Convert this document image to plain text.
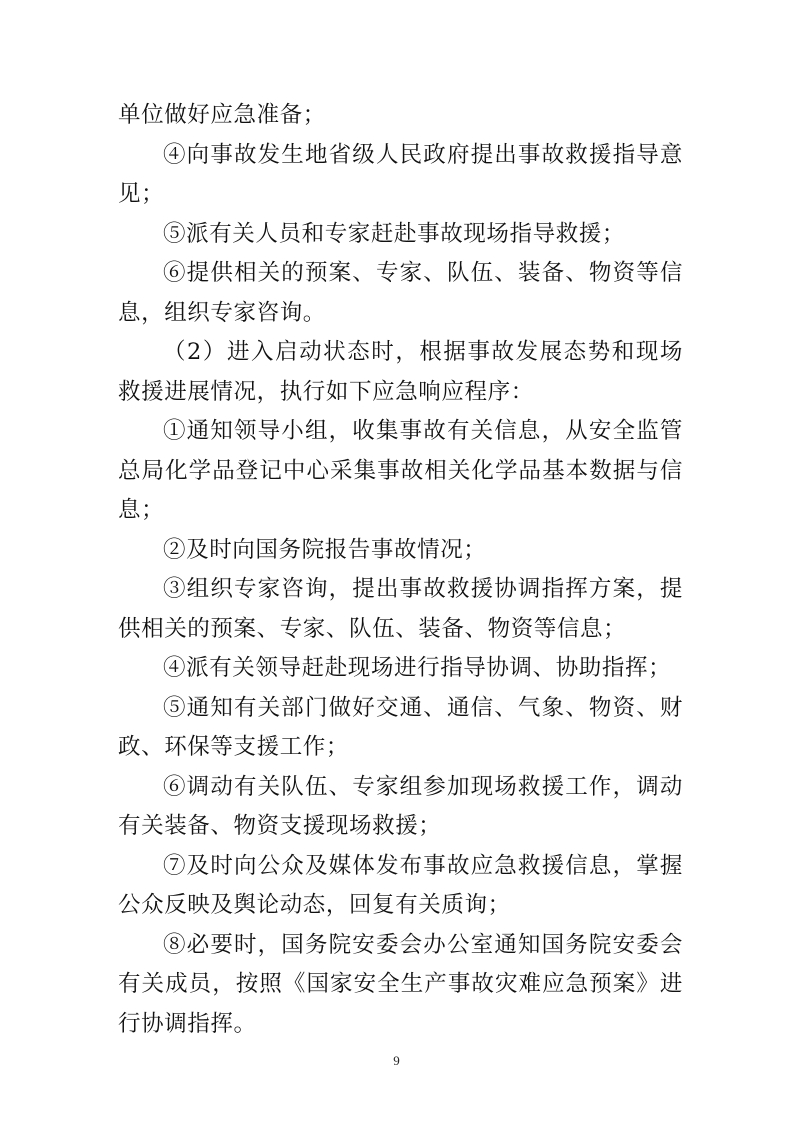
单位做好应急准备；

④向事故发生地省级人民政府提出事故救援指导意见；

⑤派有关人员和专家赶赴事故现场指导救援；

⑥提供相关的预案、专家、队伍、装备、物资等信息，组织专家咨询。

（2）进入启动状态时，根据事故发展态势和现场救援进展情况，执行如下应急响应程序：

①通知领导小组，收集事故有关信息，从安全监管总局化学品登记中心采集事故相关化学品基本数据与信息；

②及时向国务院报告事故情况；

③组织专家咨询，提出事故救援协调指挥方案，提供相关的预案、专家、队伍、装备、物资等信息；

④派有关领导赶赴现场进行指导协调、协助指挥；

⑤通知有关部门做好交通、通信、气象、物资、财政、环保等支援工作；

⑥调动有关队伍、专家组参加现场救援工作，调动有关装备、物资支援现场救援；

⑦及时向公众及媒体发布事故应急救援信息，掌握公众反映及舆论动态，回复有关质询；

⑧必要时，国务院安委会办公室通知国务院安委会有关成员，按照《国家安全生产事故灾难应急预案》进行协调指挥。

9
